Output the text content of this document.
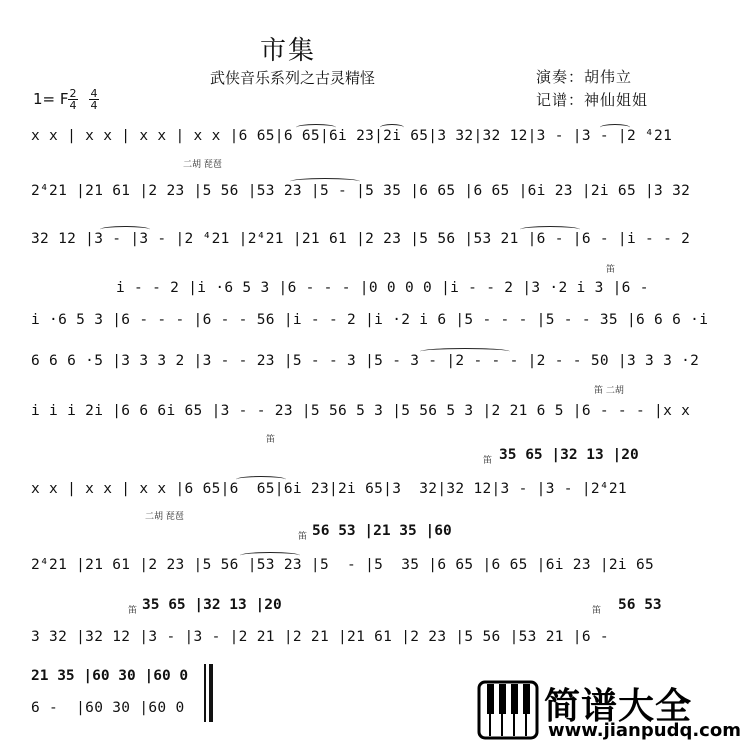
市集
武侠音乐系列之古灵精怪	演奏：胡伟立
记谱：神仙姐姐
1= F $\frac{2}{4} \frac{4}{4}$
x x | x x | x x | x x |6 65|6 65|6i 23|2i 65|3 32|32 12|3 - |3 - |2 ⁴21
二胡 琵琶
2⁴21 |21 61 |2 23 |5 56 |53 23 |5 - |5 35 |6 65 |6 65 |6i 23 |2i 65 |3 32
32 12 |3 - |3 - |2 ⁴21 |2⁴21 |21 61 |2 23 |5 56 |53 21 |6 - |6 - |i - - 2
笛
i - - 2 |i ·6 5 3 |6 - - - |0 0 0 0 |i - - 2 |3 ·2 i 3 |6 -
i ·6 5 3 |6 - - - |6 - - 56 |i - - 2 |i ·2 i 6 |5 - - - |5 - - 35 |6 6 6 ·i
6 6 6 ·5 |3 3 3 2 |3 - - 23 |5 - - 3 |5 - 3 - |2 - - - |2 - - 50 |3 3 3 ·2
笛 二胡
i i i 2i |6 6 6i 65 |3 - - 23 |5 56 5 3 |5 56 5 3 |2 21 6 5 |6 - - - |x x
笛
笛 35 65 |32 13 |20
x x | x x | x x |6 65|6  65|6i 23|2i 65|3  32|32 12|3 - |3 - |2⁴21
二胡 琵琶
笛 56 53 |21 35 |60
2⁴21 |21 61 |2 23 |5 56 |53 23 |5  - |5  35 |6 65 |6 65 |6i 23 |2i 65
笛 35 65 |32 13 |20	笛 56 53
3 32 |32 12 |3 - |3 - |2 21 |2 21 |21 61 |2 23 |5 56 |53 21 |6 -
21 35 |60 30 |60 0
6 -  |60 30 |60 0	简谱大全
www.jianpudq.com
